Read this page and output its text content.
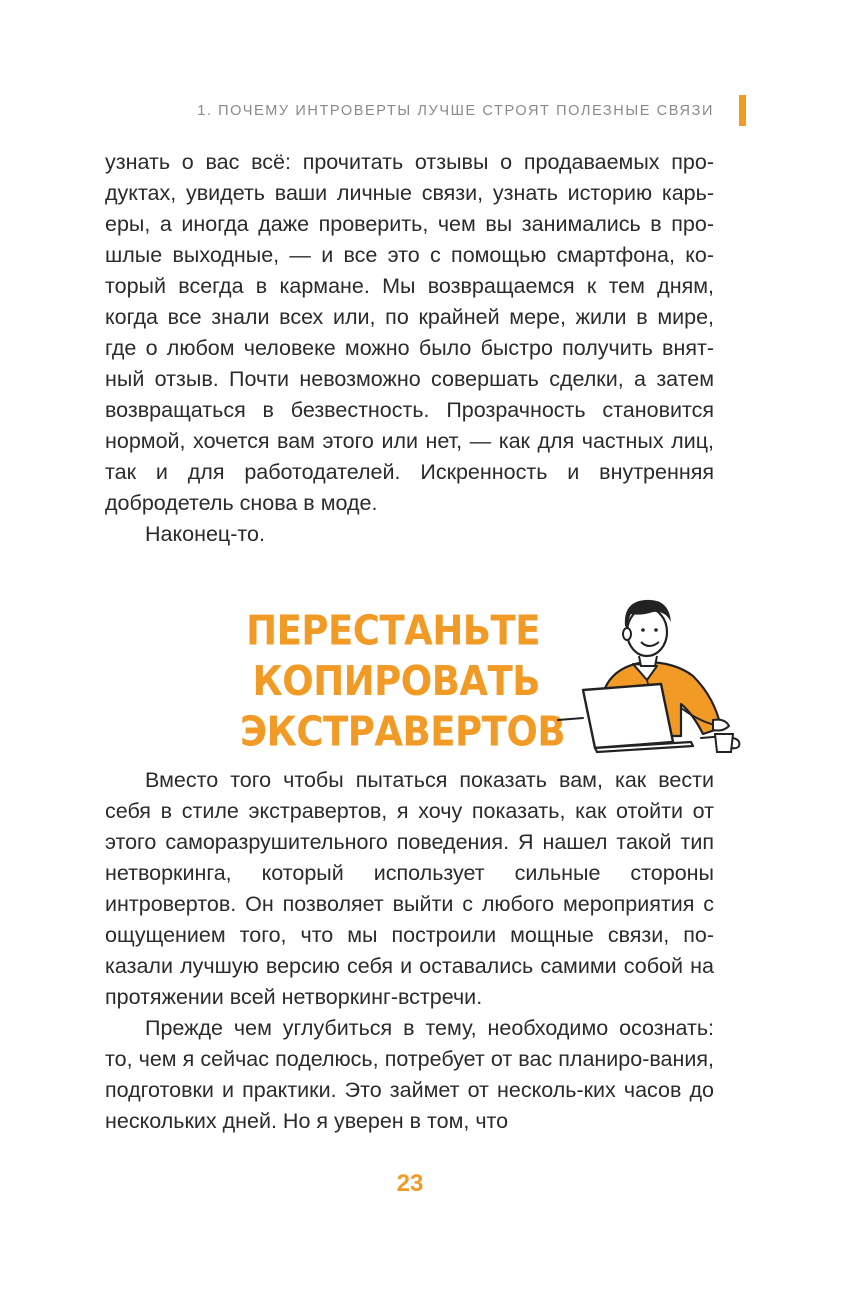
1. ПОЧЕМУ ИНТРОВЕРТЫ ЛУЧШЕ СТРОЯТ ПОЛЕЗНЫЕ СВЯЗИ

узнать о вас всё: прочитать отзывы о продаваемых про-дуктах, увидеть ваши личные связи, узнать историю карь-еры, а иногда даже проверить, чем вы занимались в про-шлые выходные, — и все это с помощью смартфона, ко-торый всегда в кармане. Мы возвращаемся к тем дням, когда все знали всех или, по крайней мере, жили в мире, где о любом человеке можно было быстро получить внят-ный отзыв. Почти невозможно совершать сделки, а затем возвращаться в безвестность. Прозрачность становится нормой, хочется вам этого или нет, — как для частных лиц, так и для работодателей. Искренность и внутренняя добродетель снова в моде.

Наконец-то.

ПЕРЕСТАНЬТЕ
КОПИРОВАТЬ
ЭКСТРАВЕРТОВ

Вместо того чтобы пытаться показать вам, как вести себя в стиле экстравертов, я хочу показать, как отойти от этого саморазрушительного поведения. Я нашел такой тип нетворкинга, который использует сильные стороны интровертов. Он позволяет выйти с любого мероприятия с ощущением того, что мы построили мощные связи, по-казали лучшую версию себя и оставались самими собой на протяжении всей нетворкинг-встречи.

Прежде чем углубиться в тему, необходимо осознать: то, чем я сейчас поделюсь, потребует от вас планиро-вания, подготовки и практики. Это займет от несколь-ких часов до нескольких дней. Но я уверен в том, что

23
